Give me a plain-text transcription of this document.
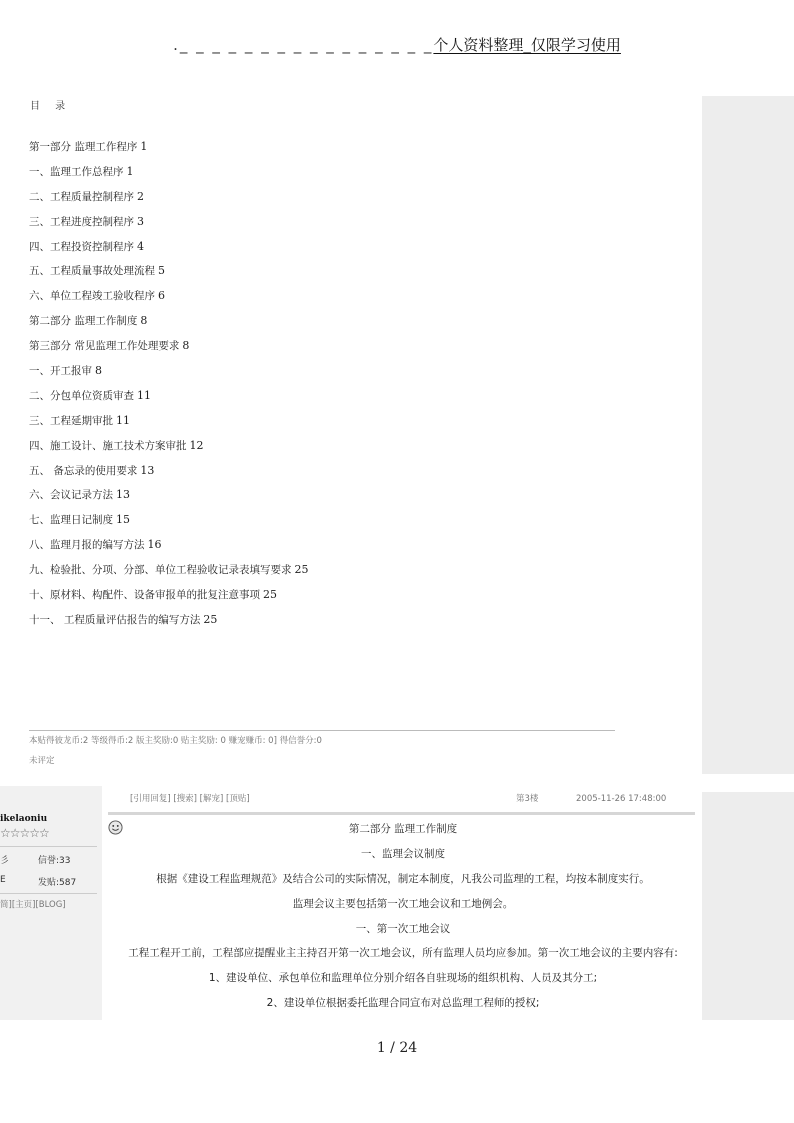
._ _ _ _ _ _ _ _ _ _ _ _ _ _ _ _个人资料整理_仅限学习使用
目 录
第一部分 监理工作程序 1
一、监理工作总程序 1
二、工程质量控制程序 2
三、工程进度控制程序 3
四、工程投资控制程序 4
五、工程质量事故处理流程 5
六、单位工程竣工验收程序 6
第二部分 监理工作制度 8
第三部分 常见监理工作处理要求 8
一、开工报审 8
二、分包单位资质审查 11
三、工程延期审批 11
四、施工设计、施工技术方案审批 12
五、 备忘录的使用要求 13
六、会议记录方法 13
七、监理日记制度 15
八、监理月报的编写方法 16
九、检验批、分项、分部、单位工程验收记录表填写要求 25
十、原材料、构配件、设备审报单的批复注意事项 25
十一、 工程质量评估报告的编写方法 25
本贴得彼龙币:2 等级得币:2 版主奖励:0 贴主奖励: 0 赚宠赚币: 0] 得信誉分:0
未评定
ikelaoniu
☆☆☆☆☆
彡	信誉:33
E	发贴:587
简][主页][BLOG]
[引用回复] [搜索] [解宠] [顶贴]	第3楼	2005-11-26 17:48:00
第二部分 监理工作制度
一、监理会议制度
根据《建设工程监理规范》及结合公司的实际情况，制定本制度，凡我公司监理的工程，均按本制度实行。
监理会议主要包括第一次工地会议和工地例会。
一、第一次工地会议
工程工程开工前，工程部应提醒业主主持召开第一次工地会议，所有监理人员均应参加。第一次工地会议的主要内容有:
1、建设单位、承包单位和监理单位分别介绍各自驻现场的组织机构、人员及其分工;
2、建设单位根据委托监理合同宣布对总监理工程师的授权;
1 / 24
